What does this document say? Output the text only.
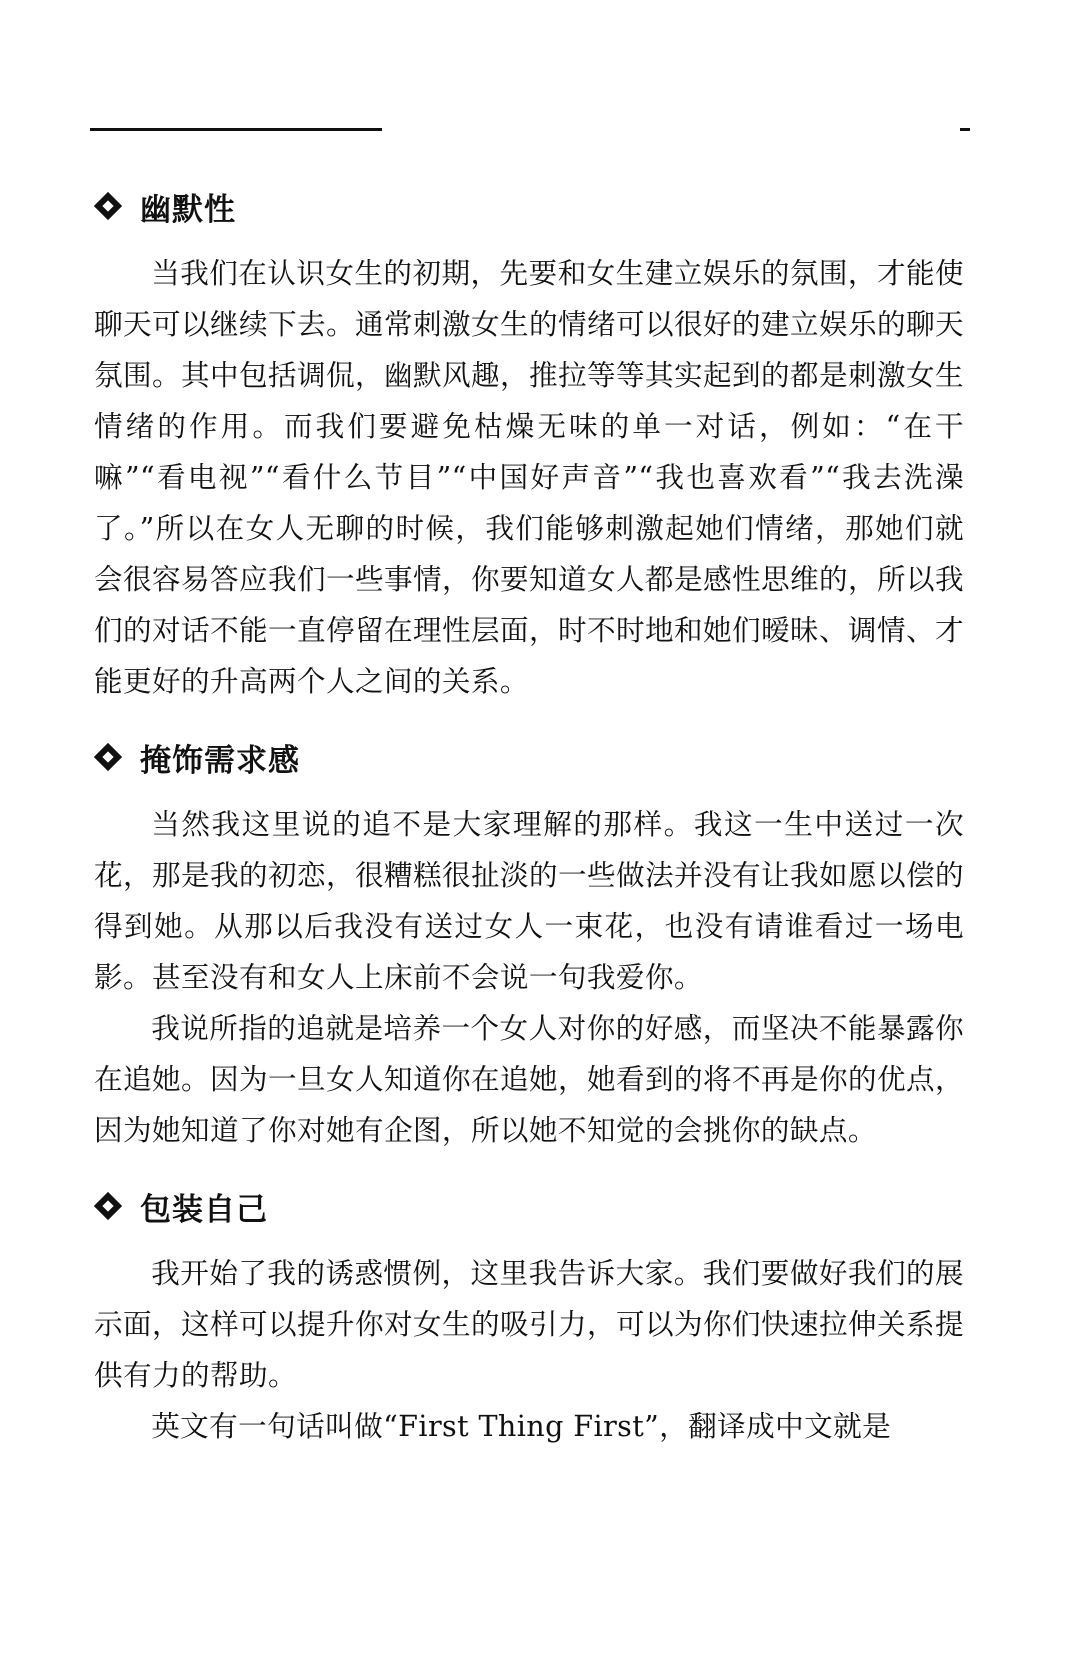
幽默性

当我们在认识女生的初期，先要和女生建立娱乐的氛围，才能使聊天可以继续下去。通常刺激女生的情绪可以很好的建立娱乐的聊天氛围。其中包括调侃，幽默风趣，推拉等等其实起到的都是刺激女生情绪的作用。而我们要避免枯燥无味的单一对话，例如：“在干嘛”“看电视”“看什么节目”“中国好声音”“我也喜欢看”“我去洗澡了。”所以在女人无聊的时候，我们能够刺激起她们情绪，那她们就会很容易答应我们一些事情，你要知道女人都是感性思维的，所以我们的对话不能一直停留在理性层面，时不时地和她们暧昧、调情、才能更好的升高两个人之间的关系。

掩饰需求感

当然我这里说的追不是大家理解的那样。我这一生中送过一次花，那是我的初恋，很糟糕很扯淡的一些做法并没有让我如愿以偿的得到她。从那以后我没有送过女人一束花，也没有请谁看过一场电影。甚至没有和女人上床前不会说一句我爱你。

我说所指的追就是培养一个女人对你的好感，而坚决不能暴露你在追她。因为一旦女人知道你在追她，她看到的将不再是你的优点，因为她知道了你对她有企图，所以她不知觉的会挑你的缺点。

包装自己

我开始了我的诱惑惯例，这里我告诉大家。我们要做好我们的展示面，这样可以提升你对女生的吸引力，可以为你们快速拉伸关系提供有力的帮助。

英文有一句话叫做“First Thing First”，翻译成中文就是
